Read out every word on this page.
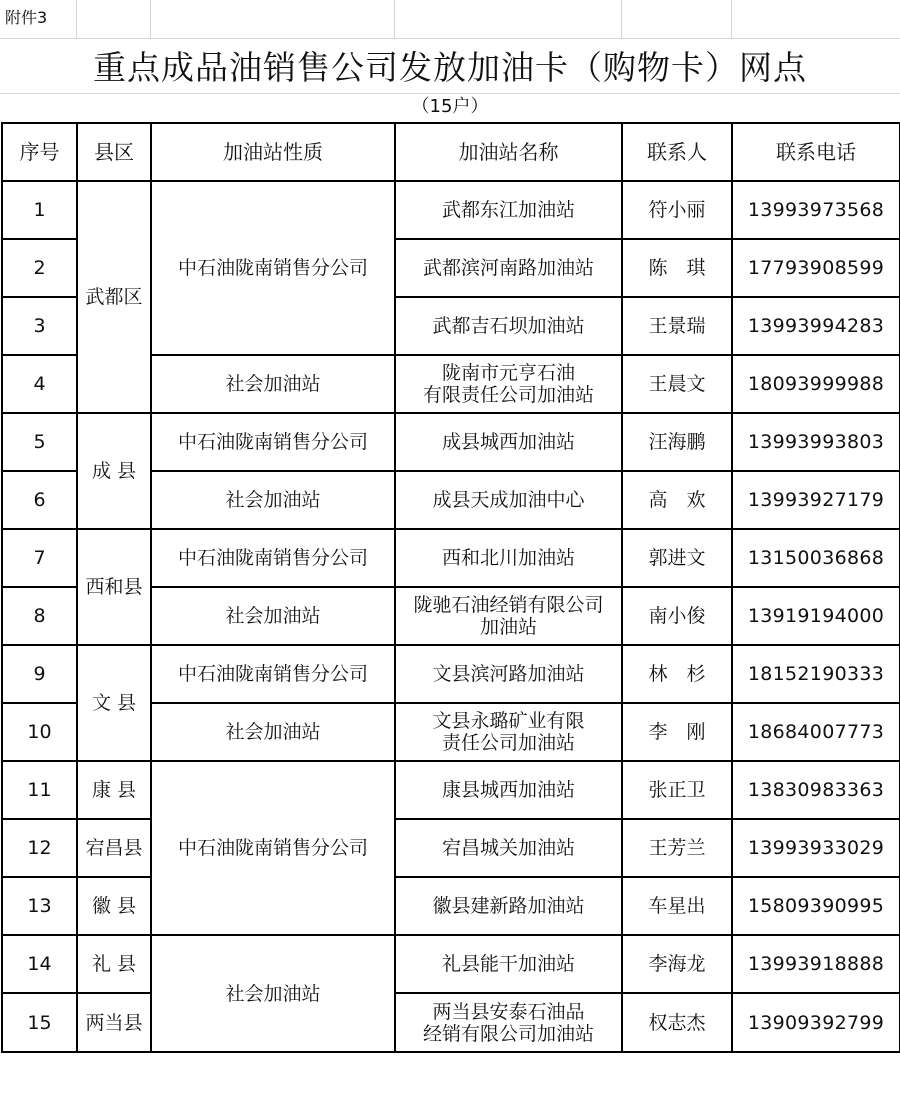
附件3
重点成品油销售公司发放加油卡（购物卡）网点
（15户）
序号	县区	加油站性质	加油站名称	联系人	联系电话
1	武都区	中石油陇南销售分公司	武都东江加油站	符小丽	13993973568
2			武都滨河南路加油站	陈　琪	17793908599
3			武都吉石坝加油站	王景瑞	13993994283
4		社会加油站	陇南市元亨石油
有限责任公司加油站	王晨文	18093999988
5	成 县	中石油陇南销售分公司	成县城西加油站	汪海鹏	13993993803
6		社会加油站	成县天成加油中心	高　欢	13993927179
7	西和县	中石油陇南销售分公司	西和北川加油站	郭进文	13150036868
8		社会加油站	陇驰石油经销有限公司
加油站	南小俊	13919194000
9	文 县	中石油陇南销售分公司	文县滨河路加油站	林　杉	18152190333
10		社会加油站	文县永璐矿业有限
责任公司加油站	李　刚	18684007773
11	康 县	中石油陇南销售分公司	康县城西加油站	张正卫	13830983363
12	宕昌县		宕昌城关加油站	王芳兰	13993933029
13	徽 县		徽县建新路加油站	车星出	15809390995
14	礼 县	社会加油站	礼县能干加油站	李海龙	13993918888
15	两当县		两当县安泰石油品
经销有限公司加油站	权志杰	13909392799
